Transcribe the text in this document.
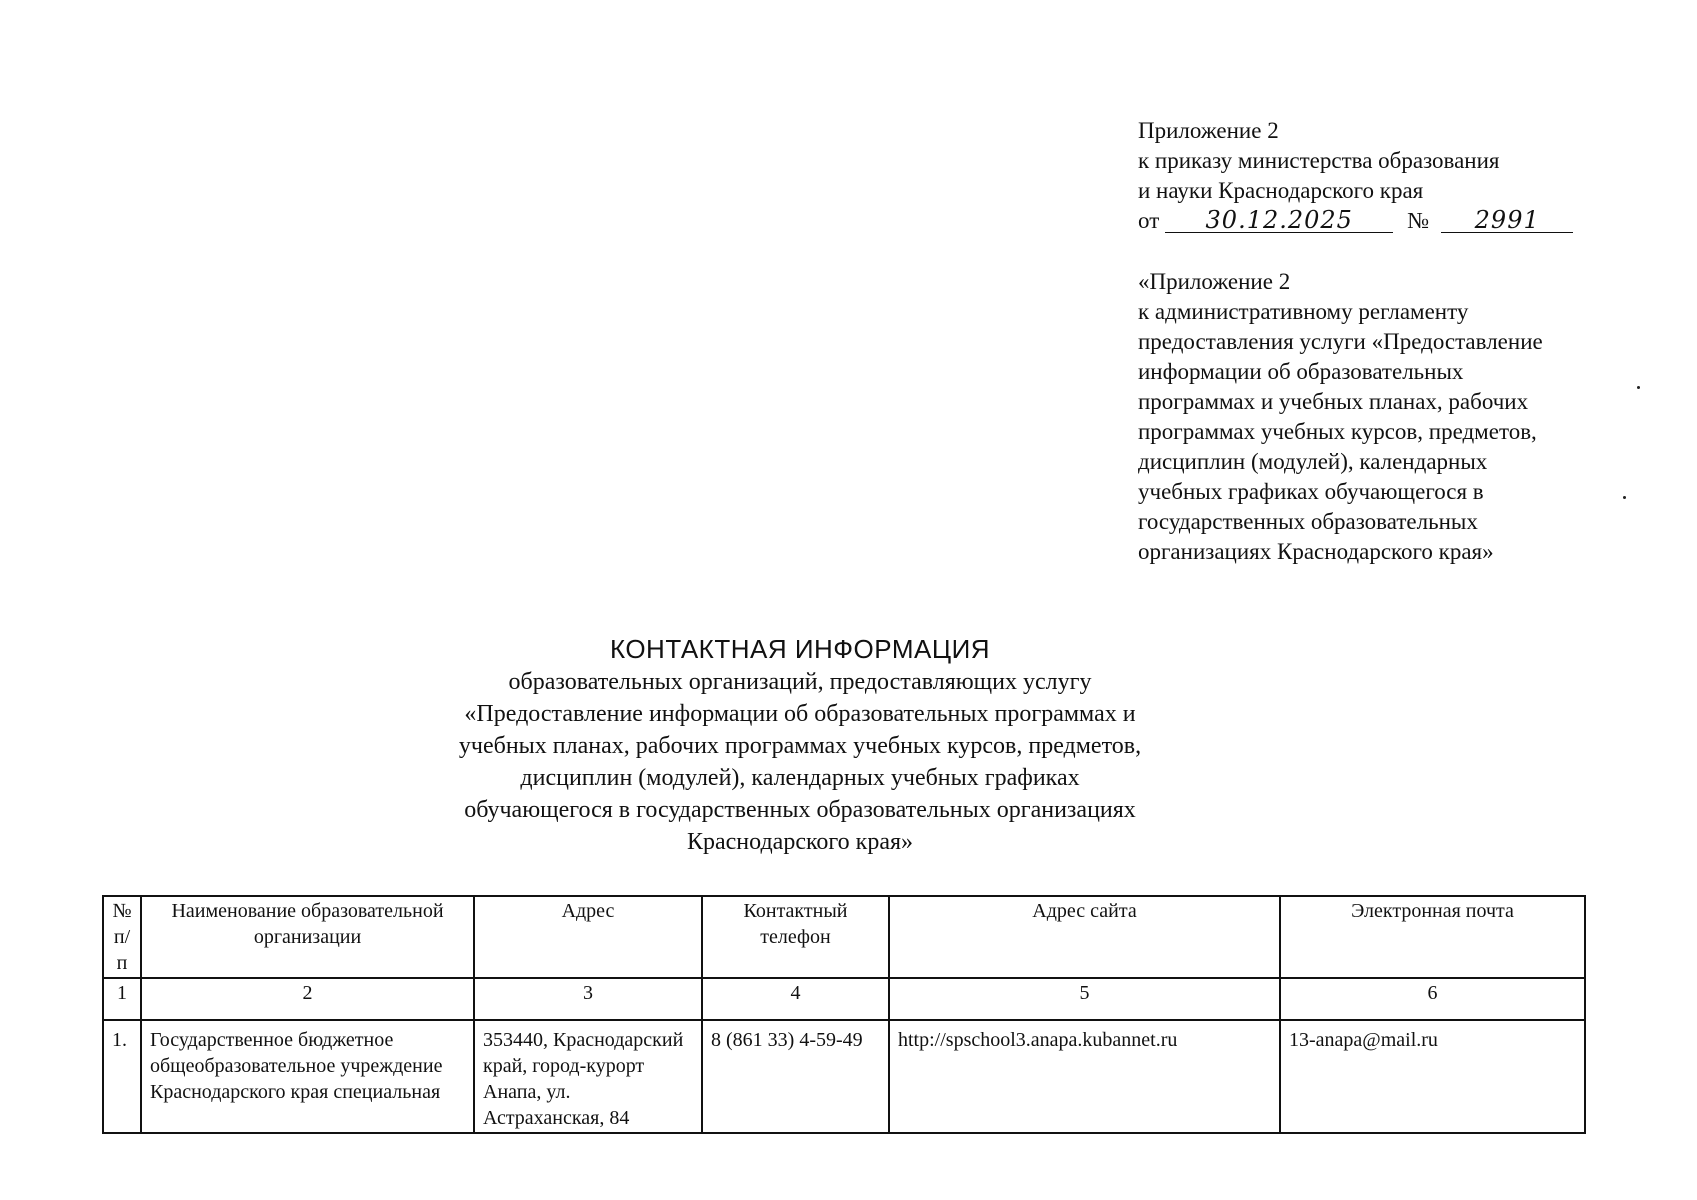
Приложение 2
к приказу министерства образования
и науки Краснодарского края
от 30.12.2025 № 2991
«Приложение 2
к административному регламенту
предоставления услуги «Предоставление
информации об образовательных
программах и учебных планах, рабочих
программах учебных курсов, предметов,
дисциплин (модулей), календарных
учебных графиках обучающегося в
государственных образовательных
организациях Краснодарского края»
КОНТАКТНАЯ ИНФОРМАЦИЯ
образовательных организаций, предоставляющих услугу
«Предоставление информации об образовательных программах и
учебных планах, рабочих программах учебных курсов, предметов,
дисциплин (модулей), календарных учебных графиках
обучающегося в государственных образовательных организациях
Краснодарского края»
№ п/п	Наименование образовательной организации	Адрес	Контактный телефон	Адрес сайта	Электронная почта
1	2	3	4	5	6
1.	Государственное бюджетное общеобразовательное учреждение Краснодарского края специальная	353440, Краснодарский край, город-курорт Анапа, ул. Астраханская, 84	8 (861 33) 4-59-49	http://spschool3.anapa.kubannet.ru	13-anapa@mail.ru
